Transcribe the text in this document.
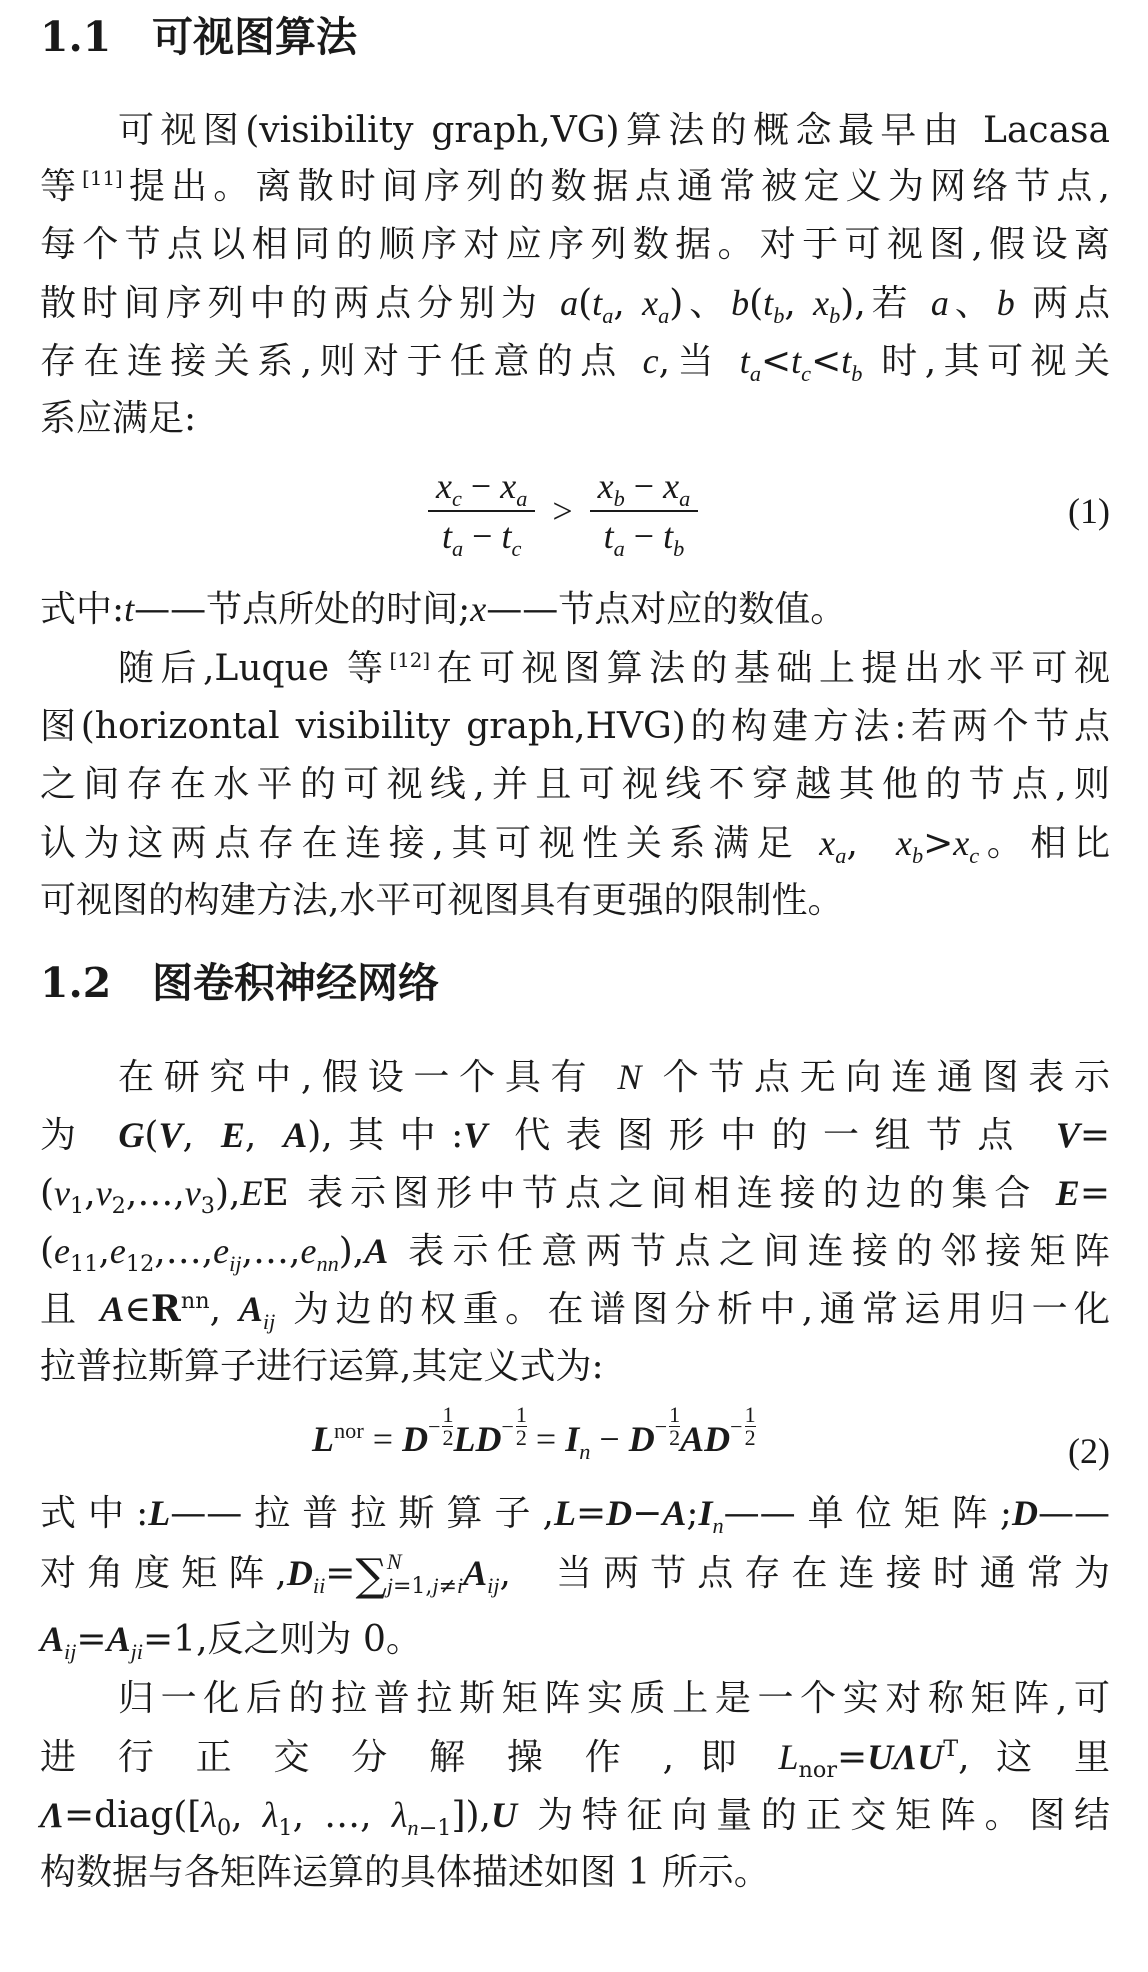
1.1 可视图算法
可视图(visibility graph,VG)算法的概念最早由 Lacasa
等[11]提出。离散时间序列的数据点通常被定义为网络节点,
每个节点以相同的顺序对应序列数据。对于可视图,假设离
散时间序列中的两点分别为 $a(t_a$, $x_a$)、$b(t_b$, $x_b$),若 a、b 两点
存在连接关系,则对于任意的点 c,当 $t_a<t_c<t_b$ 时,其可视关
系应满足:
$\frac{x_c - x_a}{t_a - t_c} > \frac{x_b - x_a}{t_a - t_b}$	(1)
式中:t——节点所处的时间;x——节点对应的数值。
随后,Luque 等[12]在可视图算法的基础上提出水平可视
图(horizontal visibility graph,HVG)的构建方法:若两个节点
之间存在水平的可视线,并且可视线不穿越其他的节点,则
认为这两点存在连接,其可视性关系满足 $x_a$,  $x_b>x_c$。相比
可视图的构建方法,水平可视图具有更强的限制性。
1.2 图卷积神经网络
在研究中,假设一个具有 N 个节点无向连通图表示
为 G(V, E, A),其中:V 代表图形中的一组节点 V=
$(v_1,v_2,\dots,v_3),EE$ 表示图形中节点之间相连接的边的集合 E=
$(e_{11},e_{12},\dots,e_{ij},\dots,e_{nn}),A$ 表示任意两节点之间连接的邻接矩阵
且 $A\in R^{nn}$, $A_{ij}$ 为边的权重。在谱图分析中,通常运用归一化
拉普拉斯算子进行运算,其定义式为:
$L^{nor} = D^- \frac{1}{2} LD^- \frac{1}{2} = I_n - D^- \frac{1}{2} AD^- \frac{1}{2}$
(2)
式中:L——拉普拉斯算子$,L=D-A;I_n——$单位矩阵;D——
对角度矩阵$,D_{ii}=\sum$ N
j=1,j≠i $A_{ij}$,  当两节点存在连接时通常为
$A_{ij}=A_{ji}=1$,反之则为 0。
归一化后的拉普拉斯矩阵实质上是一个实对称矩阵,可
进 行 正 交 分 解 操 作 , 即 $L_{nor}=U\Lambda U^T$, 这 里
$\Lambda=diag([\lambda_0$, $\lambda_1$, …, $\lambda_{n-1}]),U$ 为特征向量的正交矩阵。图结
构数据与各矩阵运算的具体描述如图 1 所示。
